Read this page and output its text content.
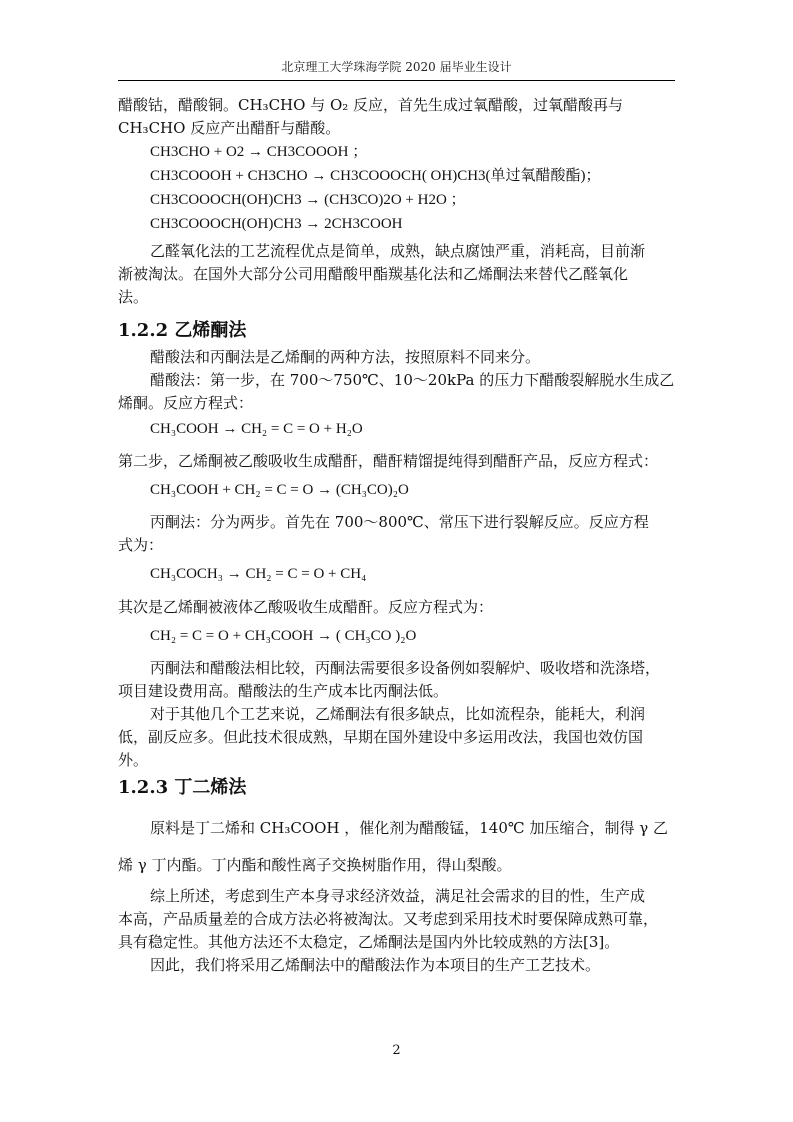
北京理工大学珠海学院 2020 届毕业生设计
醋酸钴，醋酸铜。CH₃CHO 与 O₂ 反应，首先生成过氧醋酸，过氧醋酸再与
CH₃CHO 反应产出醋酐与醋酸。
CH3CHO + O2 → CH3COOOH ；
CH3COOOH + CH3CHO → CH3COOOCH( OH)CH3(单过氧醋酸酯)；
CH3COOOCH(OH)CH3 → (CH3CO)2O + H2O ；
CH3COOOCH(OH)CH3 → 2CH3COOH
乙醛氧化法的工艺流程优点是简单，成熟，缺点腐蚀严重，消耗高，目前渐
渐被淘汰。在国外大部分公司用醋酸甲酯羰基化法和乙烯酮法来替代乙醛氧化
法。
1.2.2 乙烯酮法
醋酸法和丙酮法是乙烯酮的两种方法，按照原料不同来分。
醋酸法：第一步，在 700～750℃、10～20kPa 的压力下醋酸裂解脱水生成乙
烯酮。反应方程式：
CH₃COOH → CH₂ = C = O + H₂O
第二步，乙烯酮被乙酸吸收生成醋酐，醋酐精馏提纯得到醋酐产品，反应方程式：
CH₃COOH + CH₂ = C = O → (CH₃CO)₂O
丙酮法：分为两步。首先在 700～800℃、常压下进行裂解反应。反应方程
式为：
CH₃COCH₃ → CH₂ = C = O + CH₄
其次是乙烯酮被液体乙酸吸收生成醋酐。反应方程式为：
CH₂ = C = O + CH₃COOH → ( CH₃CO )₂O
丙酮法和醋酸法相比较，丙酮法需要很多设备例如裂解炉、吸收塔和洗涤塔，
项目建设费用高。醋酸法的生产成本比丙酮法低。
对于其他几个工艺来说，乙烯酮法有很多缺点，比如流程杂，能耗大，利润
低，副反应多。但此技术很成熟，早期在国外建设中多运用改法，我国也效仿国
外。
1.2.3 丁二烯法
原料是丁二烯和 CH₃COOH ，催化剂为醋酸锰，140℃ 加压缩合，制得 γ 乙
烯 γ 丁内酯。丁内酯和酸性离子交换树脂作用，得山梨酸。
综上所述，考虑到生产本身寻求经济效益，满足社会需求的目的性，生产成
本高，产品质量差的合成方法必将被淘汰。又考虑到采用技术时要保障成熟可靠，
具有稳定性。其他方法还不太稳定，乙烯酮法是国内外比较成熟的方法[3]。
因此，我们将采用乙烯酮法中的醋酸法作为本项目的生产工艺技术。
2
